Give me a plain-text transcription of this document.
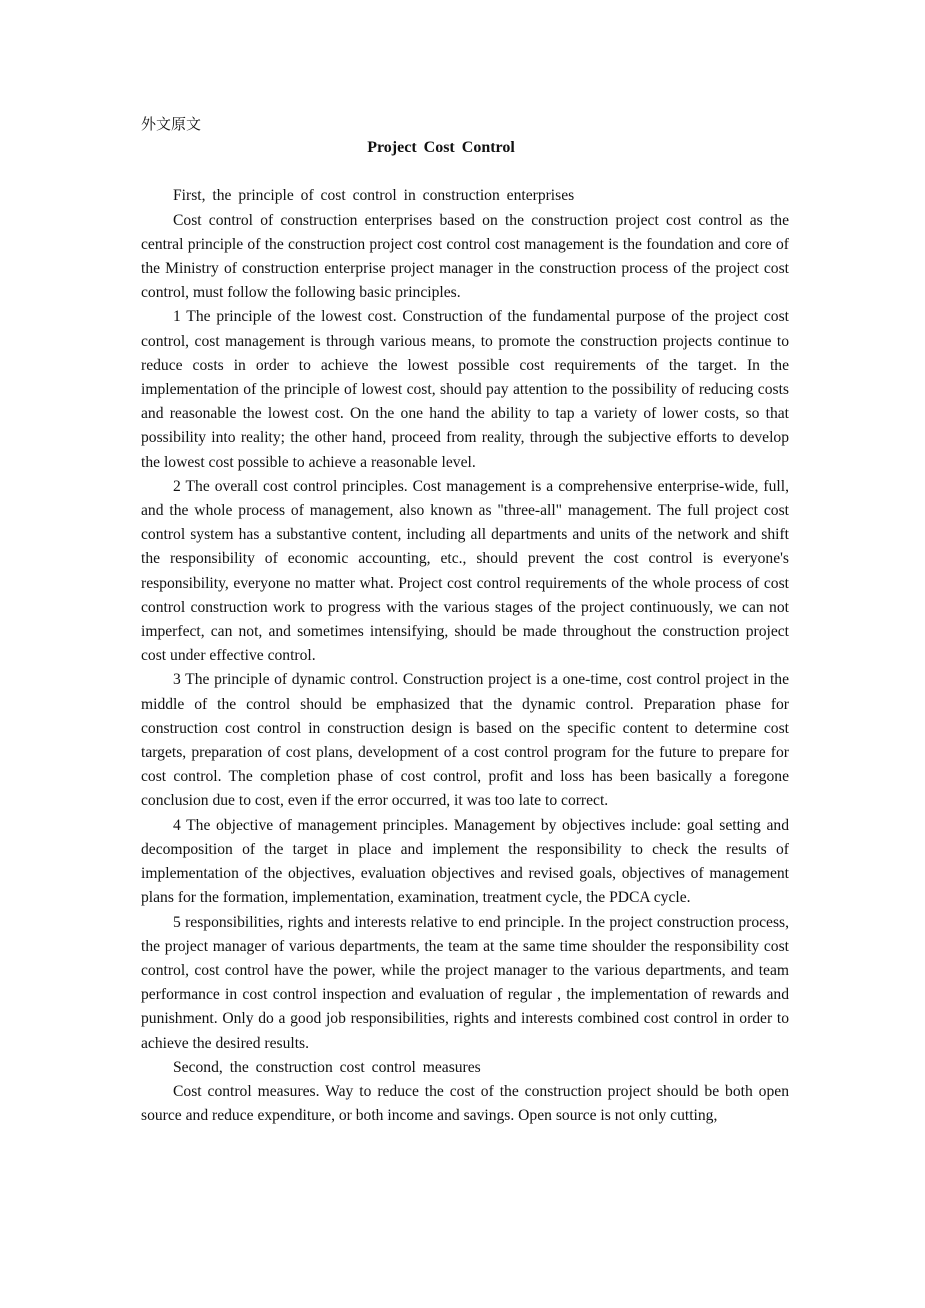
外文原文

Project Cost Control

First, the principle of cost control in construction enterprises

Cost control of construction enterprises based on the construction project cost control as the central principle of the construction project cost control cost management is the foundation and core of the Ministry of construction enterprise project manager in the construction process of the project cost control, must follow the following basic principles.

1 The principle of the lowest cost. Construction of the fundamental purpose of the project cost control, cost management is through various means, to promote the construction projects continue to reduce costs in order to achieve the lowest possible cost requirements of the target. In the implementation of the principle of lowest cost, should pay attention to the possibility of reducing costs and reasonable the lowest cost. On the one hand the ability to tap a variety of lower costs, so that possibility into reality; the other hand, proceed from reality, through the subjective efforts to develop the lowest cost possible to achieve a reasonable level.

2 The overall cost control principles. Cost management is a comprehensive enterprise-wide, full, and the whole process of management, also known as "three-all" management. The full project cost control system has a substantive content, including all departments and units of the network and shift the responsibility of economic accounting, etc., should prevent the cost control is everyone's responsibility, everyone no matter what. Project cost control requirements of the whole process of cost control construction work to progress with the various stages of the project continuously, we can not imperfect, can not, and sometimes intensifying, should be made throughout the construction project cost under effective control.

3 The principle of dynamic control. Construction project is a one-time, cost control project in the middle of the control should be emphasized that the dynamic control. Preparation phase for construction cost control in construction design is based on the specific content to determine cost targets, preparation of cost plans, development of a cost control program for the future to prepare for cost control. The completion phase of cost control, profit and loss has been basically a foregone conclusion due to cost, even if the error occurred, it was too late to correct.

4 The objective of management principles. Management by objectives include: goal setting and decomposition of the target in place and implement the responsibility to check the results of implementation of the objectives, evaluation objectives and revised goals, objectives of management plans for the formation, implementation, examination, treatment cycle, the PDCA cycle.

5 responsibilities, rights and interests relative to end principle. In the project construction process, the project manager of various departments, the team at the same time shoulder the responsibility cost control, cost control have the power, while the project manager to the various departments, and team performance in cost control inspection and evaluation of regular , the implementation of rewards and punishment. Only do a good job responsibilities, rights and interests combined cost control in order to achieve the desired results.

Second, the construction cost control measures

Cost control measures. Way to reduce the cost of the construction project should be both open source and reduce expenditure, or both income and savings. Open source is not only cutting,
